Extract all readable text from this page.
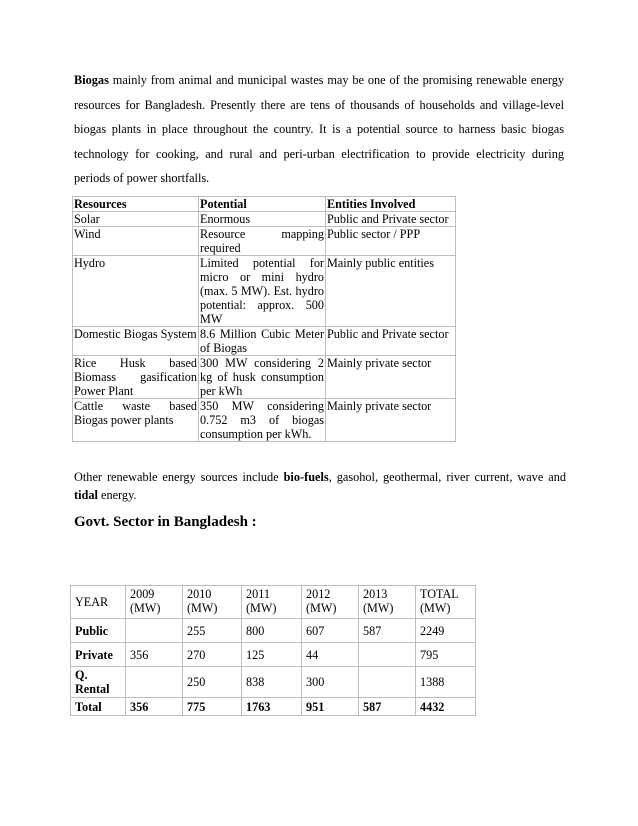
Biogas mainly from animal and municipal wastes may be one of the promising renewable energy resources for Bangladesh. Presently there are tens of thousands of households and village-level biogas plants in place throughout the country. It is a potential source to harness basic biogas technology for cooking, and rural and peri-urban electrification to provide electricity during periods of power shortfalls.

Resources	Potential	Entities Involved
Solar	Enormous	Public and Private sector
Wind	Resource mapping required	Public sector / PPP
Hydro	Limited potential for micro or mini hydro (max. 5 MW). Est. hydro potential: approx. 500 MW	Mainly public entities
Domestic Biogas System	8.6 Million Cubic Meter of Biogas	Public and Private sector
Rice Husk based Biomass gasification Power Plant	300 MW considering 2 kg of husk consumption per kWh	Mainly private sector
Cattle waste based Biogas power plants	350 MW considering 0.752 m3 of biogas consumption per kWh.	Mainly private sector

Other renewable energy sources include bio-fuels, gasohol, geothermal, river current, wave and tidal energy.

Govt. Sector in Bangladesh :
YEAR	2009 (MW)	2010 (MW)	2011 (MW)	2012 (MW)	2013 (MW)	TOTAL (MW)
Public		255	800	607	587	2249
Private	356	270	125	44		795
Q. Rental		250	838	300		1388
Total	356	775	1763	951	587	4432
